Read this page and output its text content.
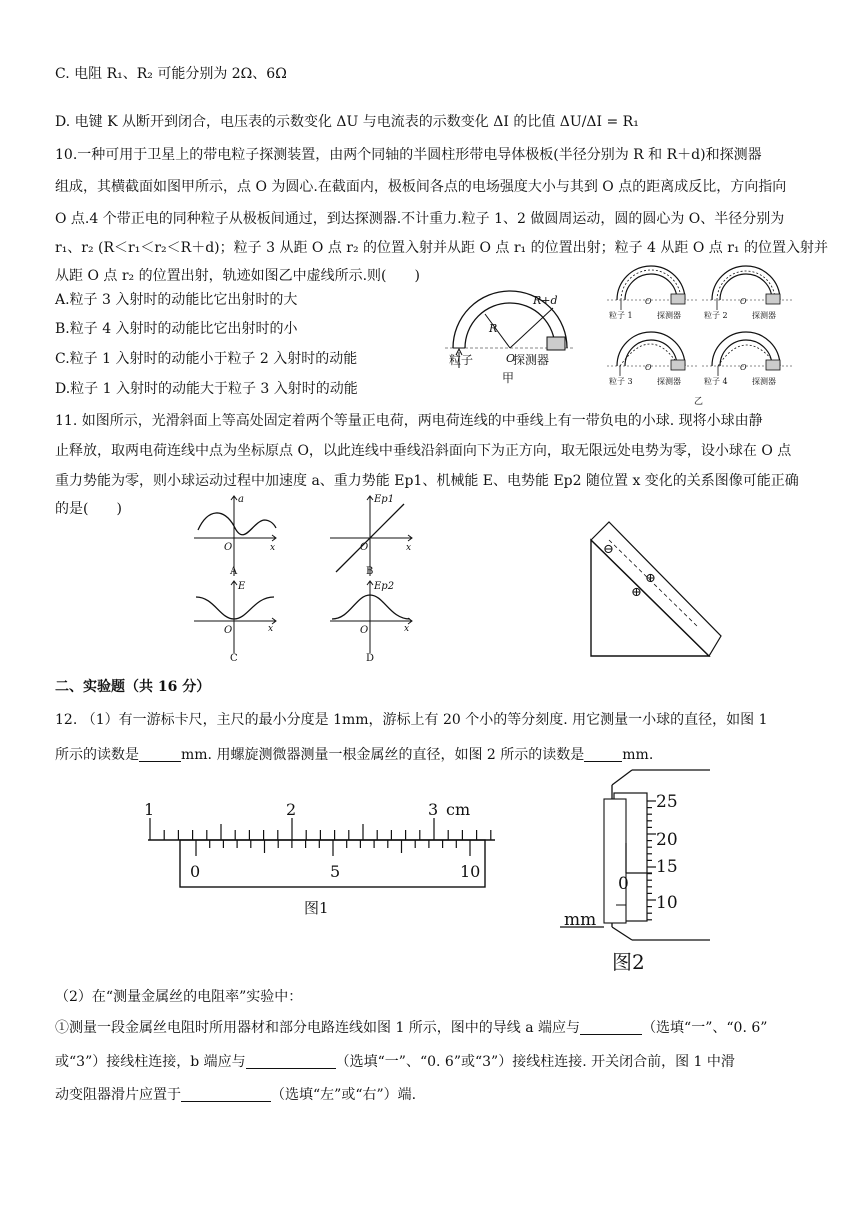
C. 电阻 R₁、R₂ 可能分别为 2Ω、6Ω
D. 电键 K 从断开到闭合，电压表的示数变化 ΔU 与电流表的示数变化 ΔI 的比值 ΔU/ΔI = R₁
10.一种可用于卫星上的带电粒子探测装置，由两个同轴的半圆柱形带电导体极板(半径分别为 R 和 R＋d)和探测器
组成，其横截面如图甲所示，点 O 为圆心.在截面内，极板间各点的电场强度大小与其到 O 点的距离成反比，方向指向
O 点.4 个带正电的同种粒子从极板间通过，到达探测器.不计重力.粒子 1、2 做圆周运动，圆的圆心为 O、半径分别为
r₁、r₂ (R＜r₁＜r₂＜R＋d)；粒子 3 从距 O 点 r₂ 的位置入射并从距 O 点 r₁ 的位置出射；粒子 4 从距 O 点 r₁ 的位置入射并
从距 O 点 r₂ 的位置出射，轨迹如图乙中虚线所示.则(　　)
A.粒子 3 入射时的动能比它出射时的大
B.粒子 4 入射时的动能比它出射时的小
C.粒子 1 入射时的动能小于粒子 2 入射时的动能
D.粒子 1 入射时的动能大于粒子 3 入射时的动能
11. 如图所示，光滑斜面上等高处固定着两个等量正电荷，两电荷连线的中垂线上有一带负电的小球. 现将小球由静
止释放，取两电荷连线中点为坐标原点 O，以此连线中垂线沿斜面向下为正方向，取无限远处电势为零，设小球在 O 点
重力势能为零，则小球运动过程中加速度 a、重力势能 Ep1、机械能 E、电势能 Ep2 随位置 x 变化的关系图像可能正确
的是(　　)
二、实验题（共 16 分）
12. （1）有一游标卡尺，主尺的最小分度是 1mm，游标上有 20 个小的等分刻度. 用它测量一小球的直径，如图 1
所示的读数是	mm. 用螺旋测微器测量一根金属丝的直径，如图 2 所示的读数是	mm.
（2）在“测量金属丝的电阻率”实验中：
①测量一段金属丝电阻时所用器材和部分电路连线如图 1 所示，图中的导线 a 端应与	（选填“一”、“0. 6”
或“3”）接线柱连接，b 端应与	（选填“一”、“0. 6”或“3”）接线柱连接. 开关闭合前，图 1 中滑
动变阻器滑片应置于	（选填“左”或“右”）端.
R
R+d
O
粒子	探测器
甲
O
粒子 1	探测器
O
粒子 2	探测器
O
粒子 3	探测器
O
粒子 4	探测器
乙
a
O	x
A
Ep1
O	x
B
E
O	x
C
Ep2
O	x
D
⊖
⊕
⊕
1	2	3 cm
0	5	10
图1
25
20
15
10
0
mm
图2
